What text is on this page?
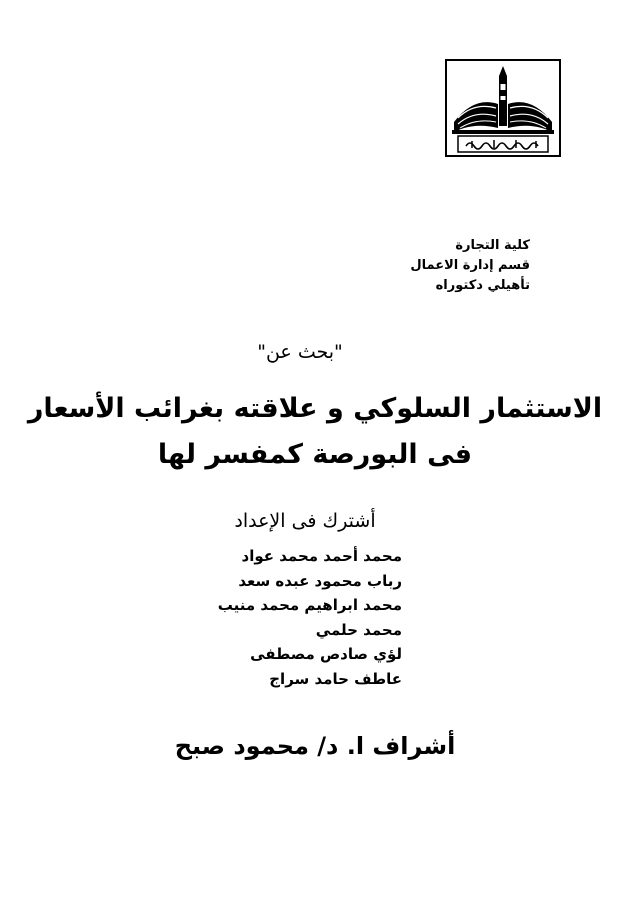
كلية التجارة
قسم إدارة الاعمال
تأهيلي دكتوراه
"بحث عن"
الاستثمار السلوكي و علاقته بغرائب الأسعار
فى البورصة كمفسر لها
أشترك فى الإعداد
محمد أحمد محمد عواد
رباب محمود عبده سعد
محمد ابراهيم محمد منيب
محمد حلمي
لؤي صادص مصطفى
عاطف حامد سراج
أشراف ا. د/ محمود صبح
